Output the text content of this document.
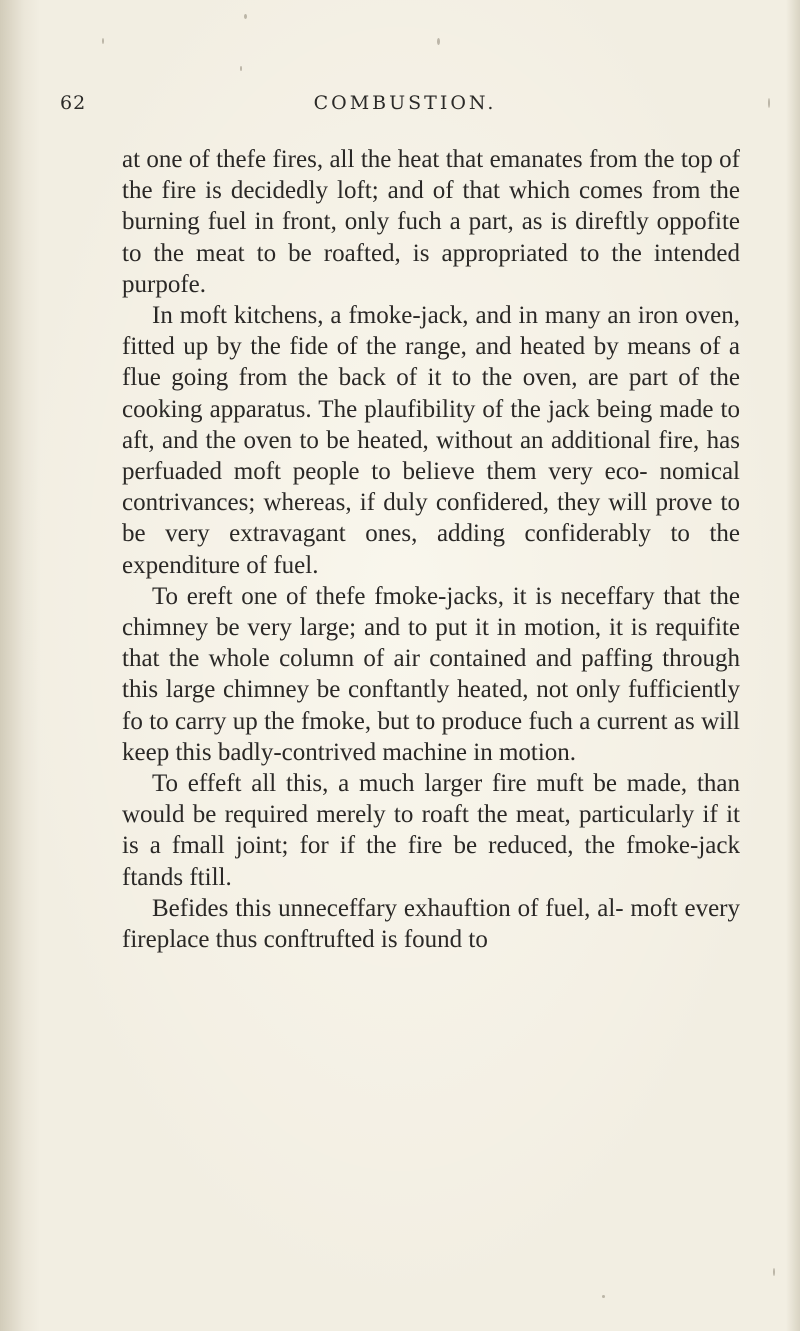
62	COMBUSTION.

at one of thefe fires, all the heat that emanates from the top of the fire is decidedly loft; and of that which comes from the burning fuel in front, only fuch a part, as is direftly oppofite to the meat to be roafted, is appropriated to the intended purpofe.

In moft kitchens, a fmoke-jack, and in many an iron oven, fitted up by the fide of the range, and heated by means of a flue going from the back of it to the oven, are part of the cooking apparatus. The plaufibility of the jack being made to aft, and the oven to be heated, without an additional fire, has perfuaded moft people to believe them very eco- nomical contrivances; whereas, if duly confidered, they will prove to be very extravagant ones, adding confiderably to the expenditure of fuel.

To ereft one of thefe fmoke-jacks, it is neceffary that the chimney be very large; and to put it in motion, it is requifite that the whole column of air contained and paffing through this large chimney be conftantly heated, not only fufficiently fo to carry up the fmoke, but to produce fuch a current as will keep this badly-contrived machine in motion.

To effeft all this, a much larger fire muft be made, than would be required merely to roaft the meat, particularly if it is a fmall joint; for if the fire be reduced, the fmoke-jack ftands ftill.

Befides this unneceffary exhauftion of fuel, al- moft every fireplace thus conftrufted is found to
